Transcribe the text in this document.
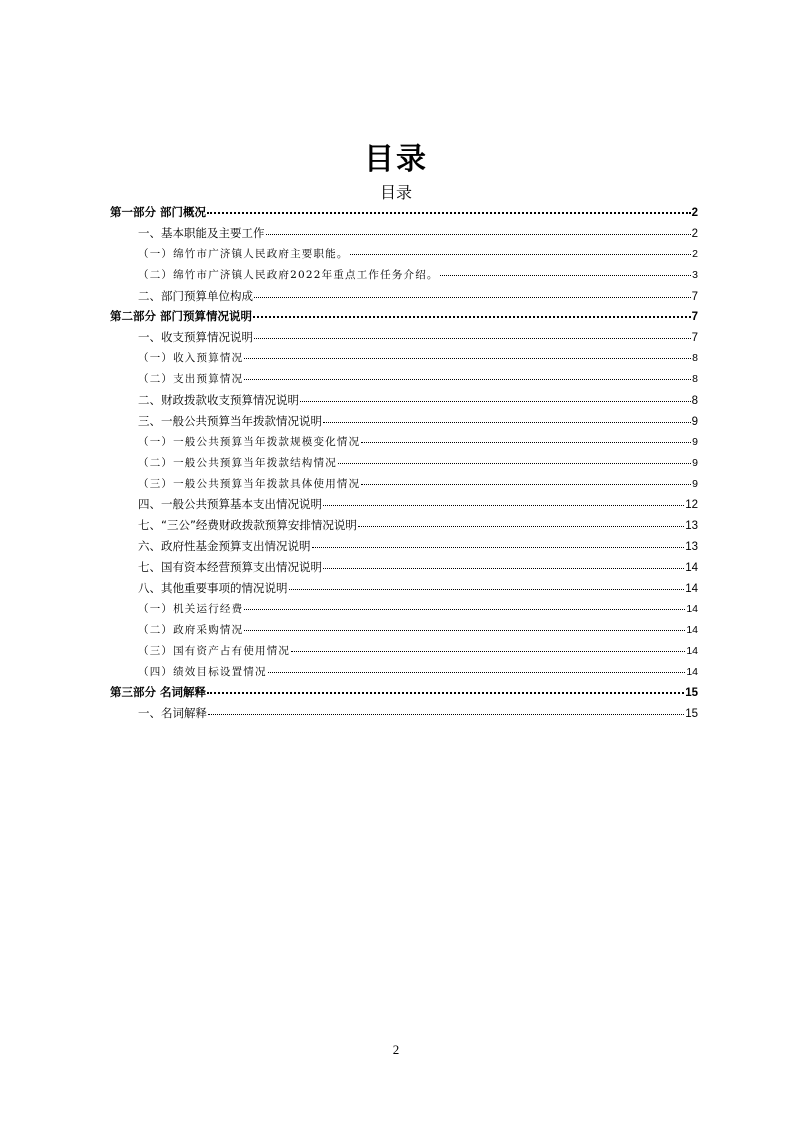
目录
目录
第一部分 部门概况	2
一、基本职能及主要工作	2
（一）绵竹市广济镇人民政府主要职能。	2
（二）绵竹市广济镇人民政府2022年重点工作任务介绍。	3
二、部门预算单位构成	7
第二部分 部门预算情况说明	7
一、收支预算情况说明	7
（一）收入预算情况	8
（二）支出预算情况	8
二、财政拨款收支预算情况说明	8
三、一般公共预算当年拨款情况说明	9
（一）一般公共预算当年拨款规模变化情况	9
（二）一般公共预算当年拨款结构情况	9
（三）一般公共预算当年拨款具体使用情况	9
四、一般公共预算基本支出情况说明	12
七、“三公”经费财政拨款预算安排情况说明	13
六、政府性基金预算支出情况说明	13
七、国有资本经营预算支出情况说明	14
八、其他重要事项的情况说明	14
（一）机关运行经费	14
（二）政府采购情况	14
（三）国有资产占有使用情况	14
（四）绩效目标设置情况	14
第三部分 名词解释	15
一、名词解释	15
2
